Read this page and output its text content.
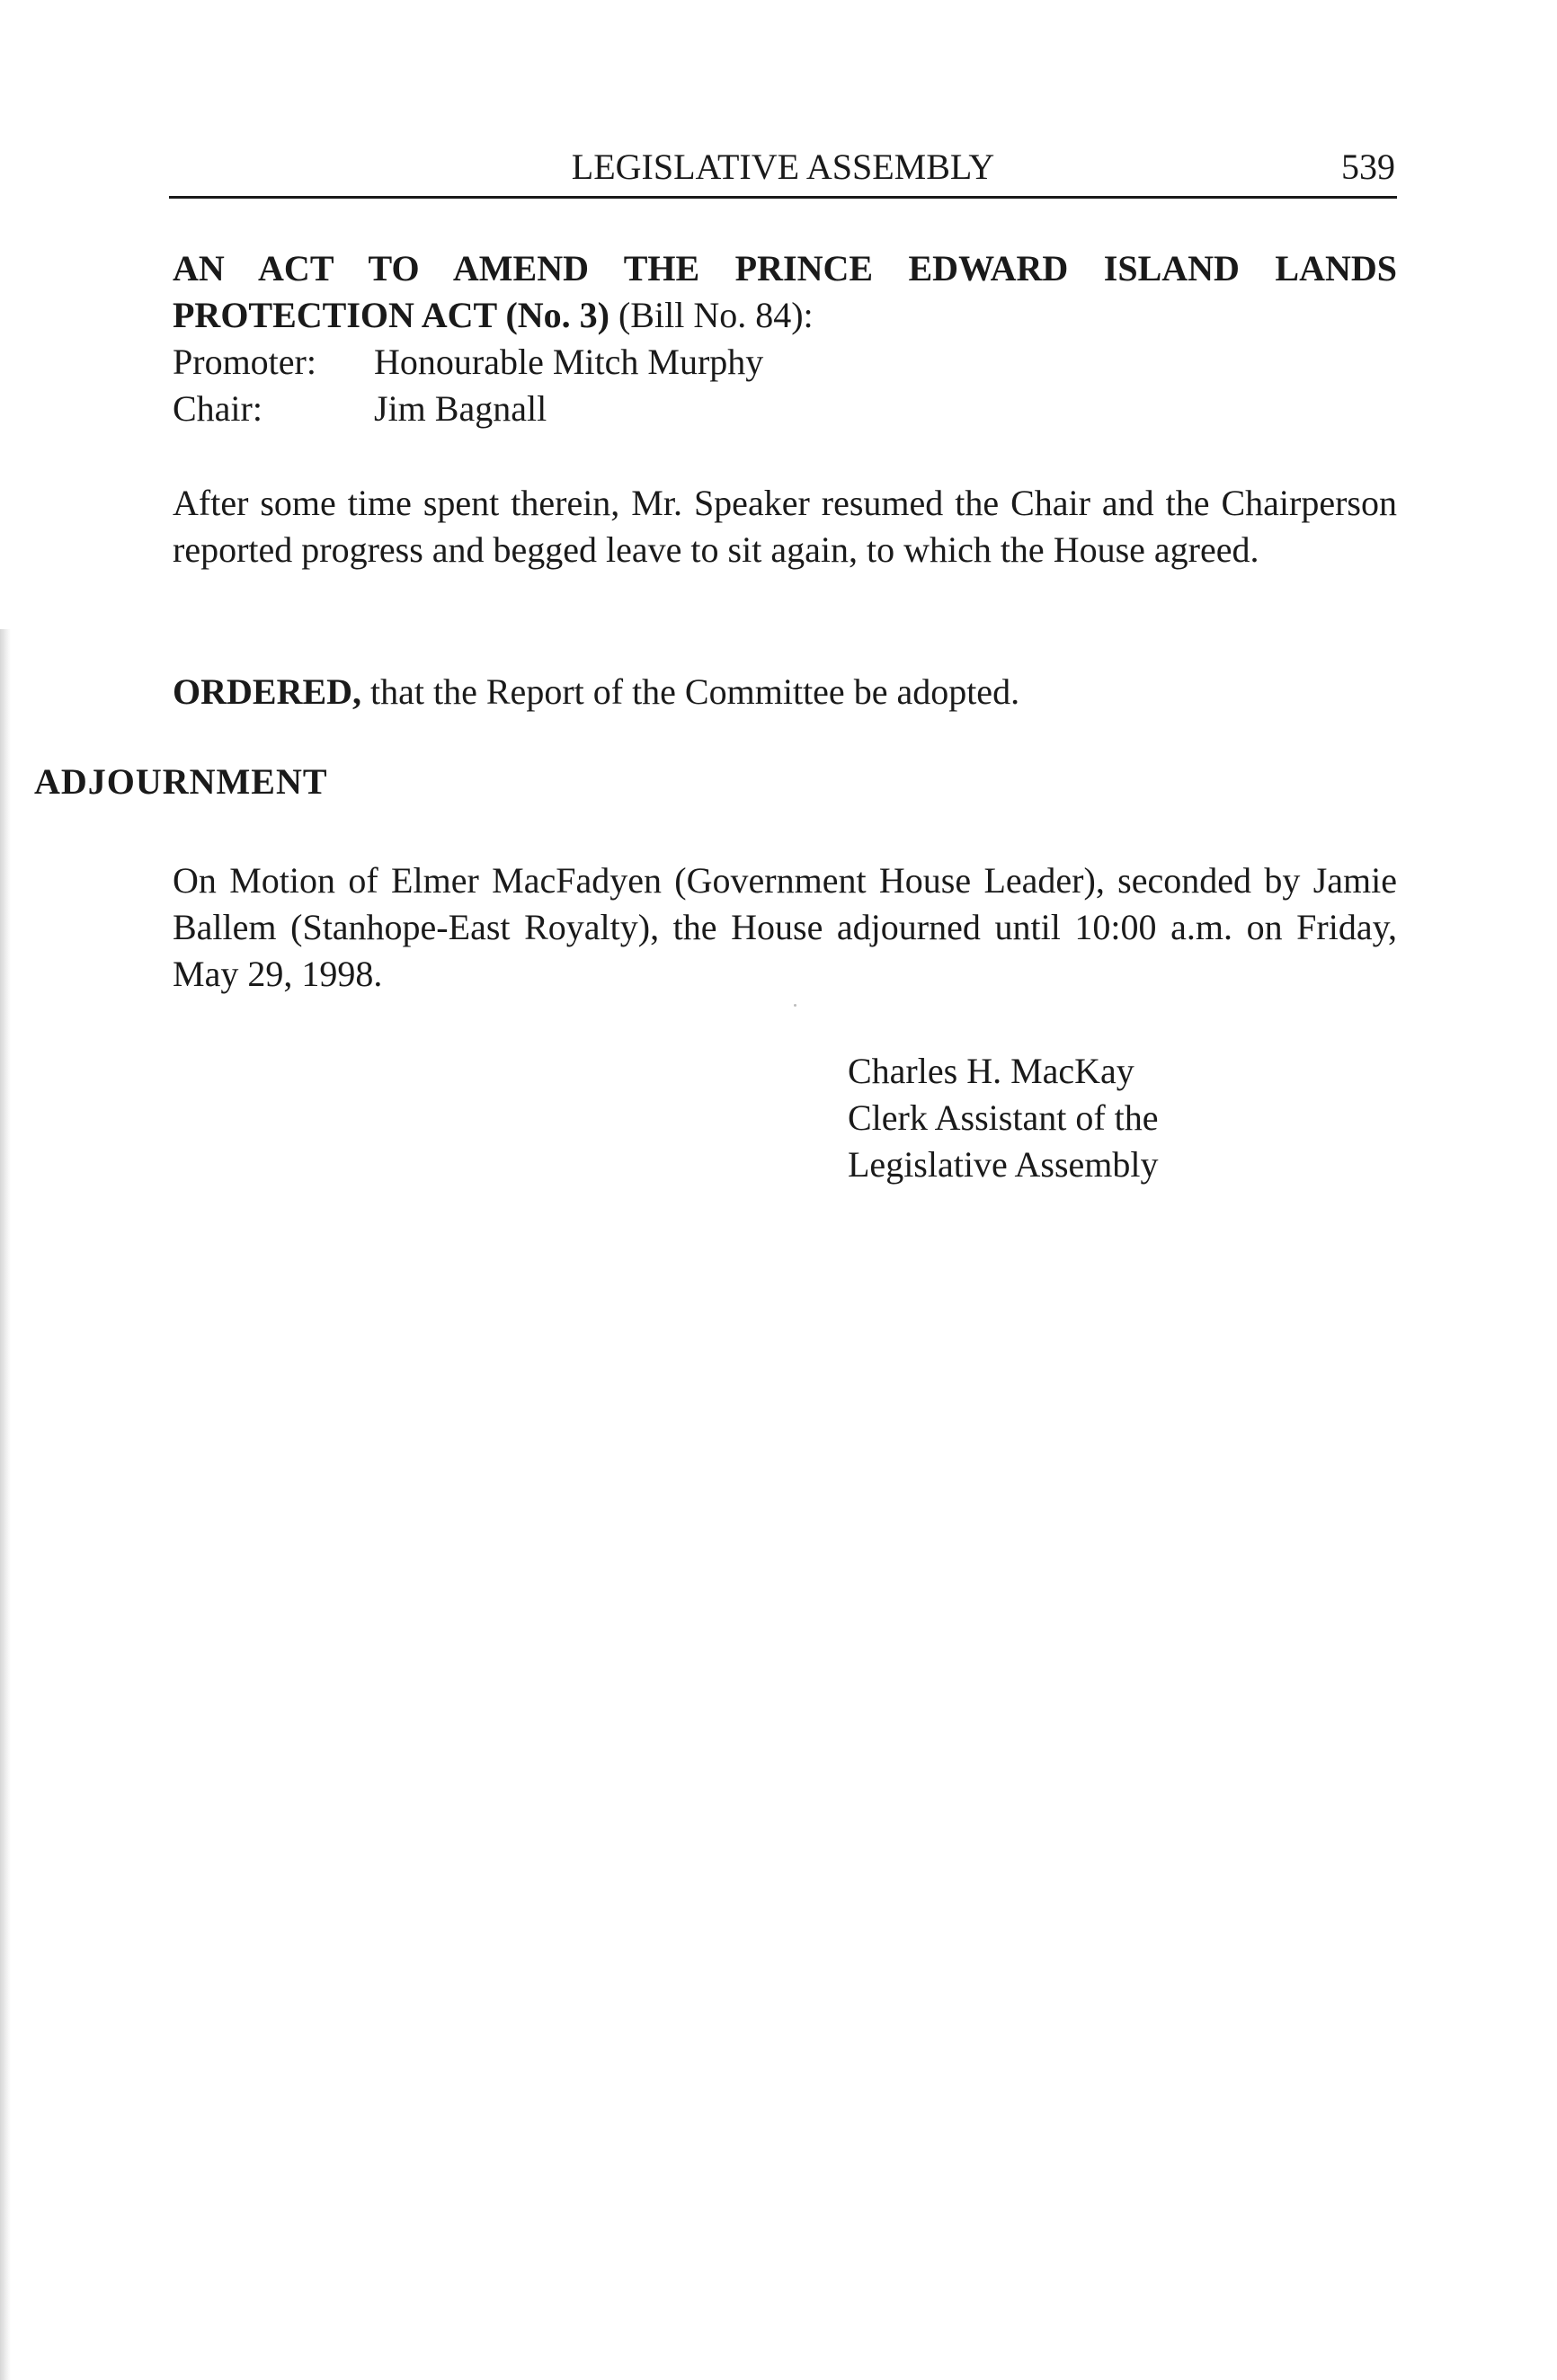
LEGISLATIVE ASSEMBLY	539
AN ACT TO AMEND THE PRINCE EDWARD ISLAND LANDS
PROTECTION ACT (No. 3) (Bill No. 84):
Promoter:	Honourable Mitch Murphy
Chair:	Jim Bagnall

After some time spent therein, Mr. Speaker resumed the Chair and the Chairperson reported progress and begged leave to sit again, to which the House agreed.

ORDERED, that the Report of the Committee be adopted.

ADJOURNMENT

On Motion of Elmer MacFadyen (Government House Leader), seconded by Jamie Ballem (Stanhope-East Royalty), the House adjourned until 10:00 a.m. on Friday, May 29, 1998.

Charles H. MacKay
Clerk Assistant of the
Legislative Assembly
